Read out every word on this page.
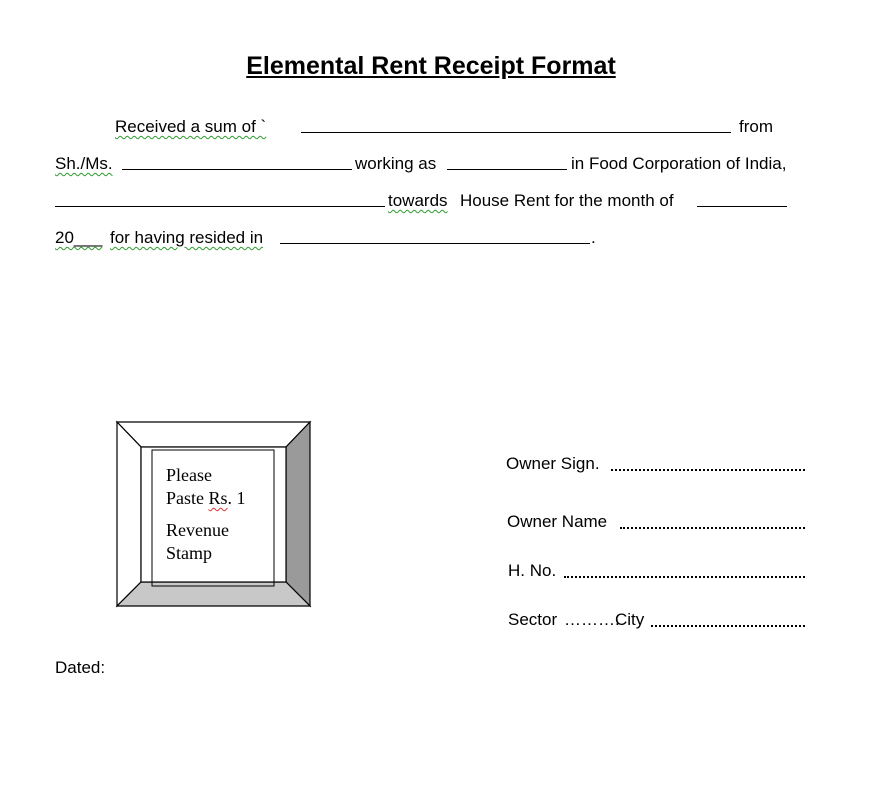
Elemental Rent Receipt Format
Received a sum of `	from
Sh./Ms.	working as	in Food Corporation of India,
towards House Rent for the month of
20___ for having resided in	.
Please
Paste Rs. 1
Revenue
Stamp
Owner Sign.
Owner Name
H. No.
Sector ……….
City
Dated:
